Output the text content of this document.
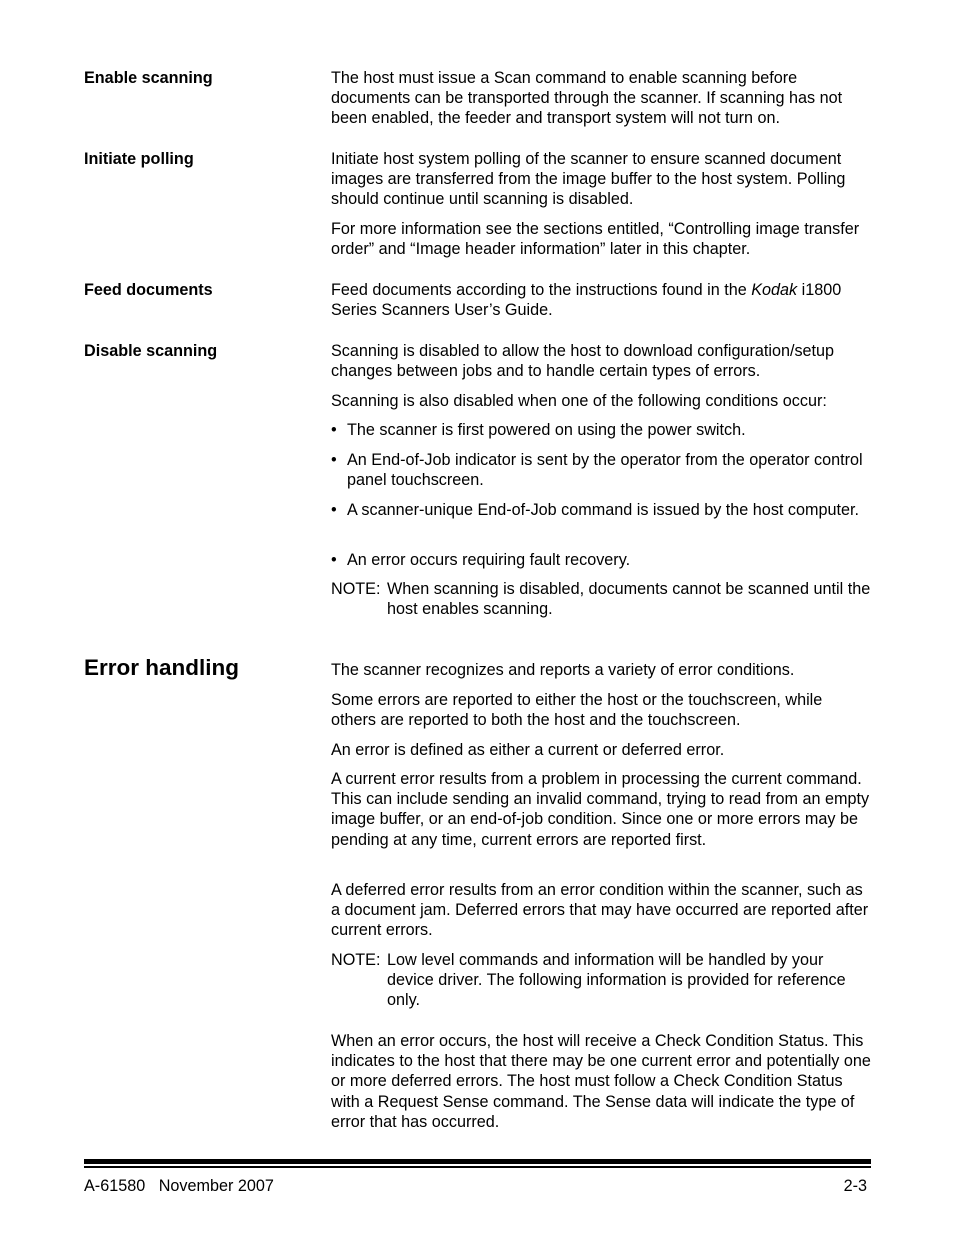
Enable scanning	The host must issue a Scan command to enable scanning before documents can be transported through the scanner. If scanning has not been enabled, the feeder and transport system will not turn on.

Initiate polling	Initiate host system polling of the scanner to ensure scanned document images are transferred from the image buffer to the host system. Polling should continue until scanning is disabled.

For more information see the sections entitled, “Controlling image transfer order” and “Image header information” later in this chapter.

Feed documents	Feed documents according to the instructions found in the Kodak i1800 Series Scanners User’s Guide.

Disable scanning	Scanning is disabled to allow the host to download configuration/setup changes between jobs and to handle certain types of errors.

Scanning is also disabled when one of the following conditions occur:

• The scanner is first powered on using the power switch.
• An End-of-Job indicator is sent by the operator from the operator control panel touchscreen.
• A scanner-unique End-of-Job command is issued by the host computer.
• An error occurs requiring fault recovery.
NOTE: When scanning is disabled, documents cannot be scanned until the host enables scanning.
Error handling	The scanner recognizes and reports a variety of error conditions.

Some errors are reported to either the host or the touchscreen, while others are reported to both the host and the touchscreen.

An error is defined as either a current or deferred error.

A current error results from a problem in processing the current command. This can include sending an invalid command, trying to read from an empty image buffer, or an end-of-job condition. Since one or more errors may be pending at any time, current errors are reported first.

A deferred error results from an error condition within the scanner, such as a document jam. Deferred errors that may have occurred are reported after current errors.

NOTE: Low level commands and information will be handled by your device driver. The following information is provided for reference only.

When an error occurs, the host will receive a Check Condition Status. This indicates to the host that there may be one current error and potentially one or more deferred errors. The host must follow a Check Condition Status with a Request Sense command. The Sense data will indicate the type of error that has occurred.

A-61580 November 2007	2-3
